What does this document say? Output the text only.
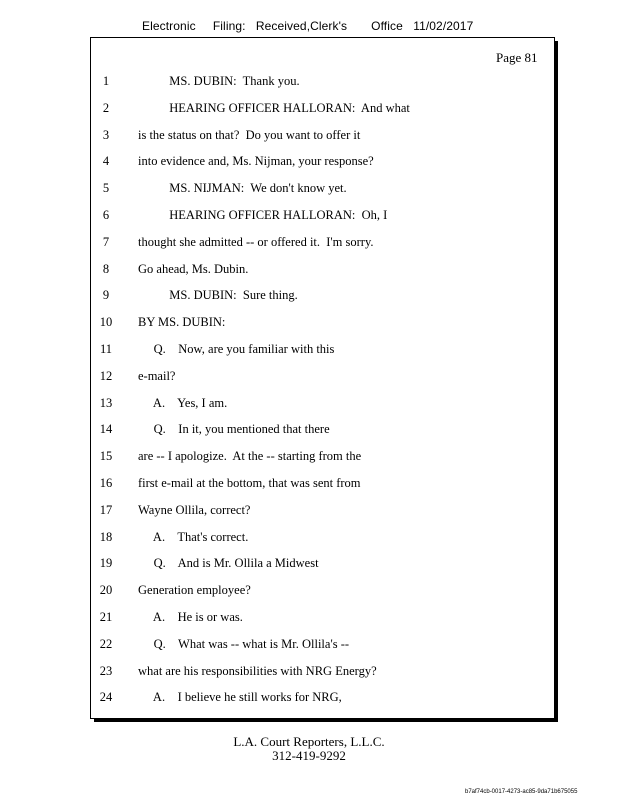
Electronic     Filing:   Received,Clerk's       Office   11/02/2017
Page 81
1	MS. DUBIN:  Thank you.
2	HEARING OFFICER HALLORAN:  And what
3	is the status on that?  Do you want to offer it
4	into evidence and, Ms. Nijman, your response?
5	MS. NIJMAN:  We don't know yet.
6	HEARING OFFICER HALLORAN:  Oh, I
7	thought she admitted -- or offered it.  I'm sorry.
8	Go ahead, Ms. Dubin.
9	MS. DUBIN:  Sure thing.
10	BY MS. DUBIN:
11	Q.    Now, are you familiar with this
12	e-mail?
13	A.    Yes, I am.
14	Q.    In it, you mentioned that there
15	are -- I apologize.  At the -- starting from the
16	first e-mail at the bottom, that was sent from
17	Wayne Ollila, correct?
18	A.    That's correct.
19	Q.    And is Mr. Ollila a Midwest
20	Generation employee?
21	A.    He is or was.
22	Q.    What was -- what is Mr. Ollila's --
23	what are his responsibilities with NRG Energy?
24	A.    I believe he still works for NRG,
L.A. Court Reporters, L.L.C.
312-419-9292
b7af74cb-0017-4273-ac85-9da71b675055
